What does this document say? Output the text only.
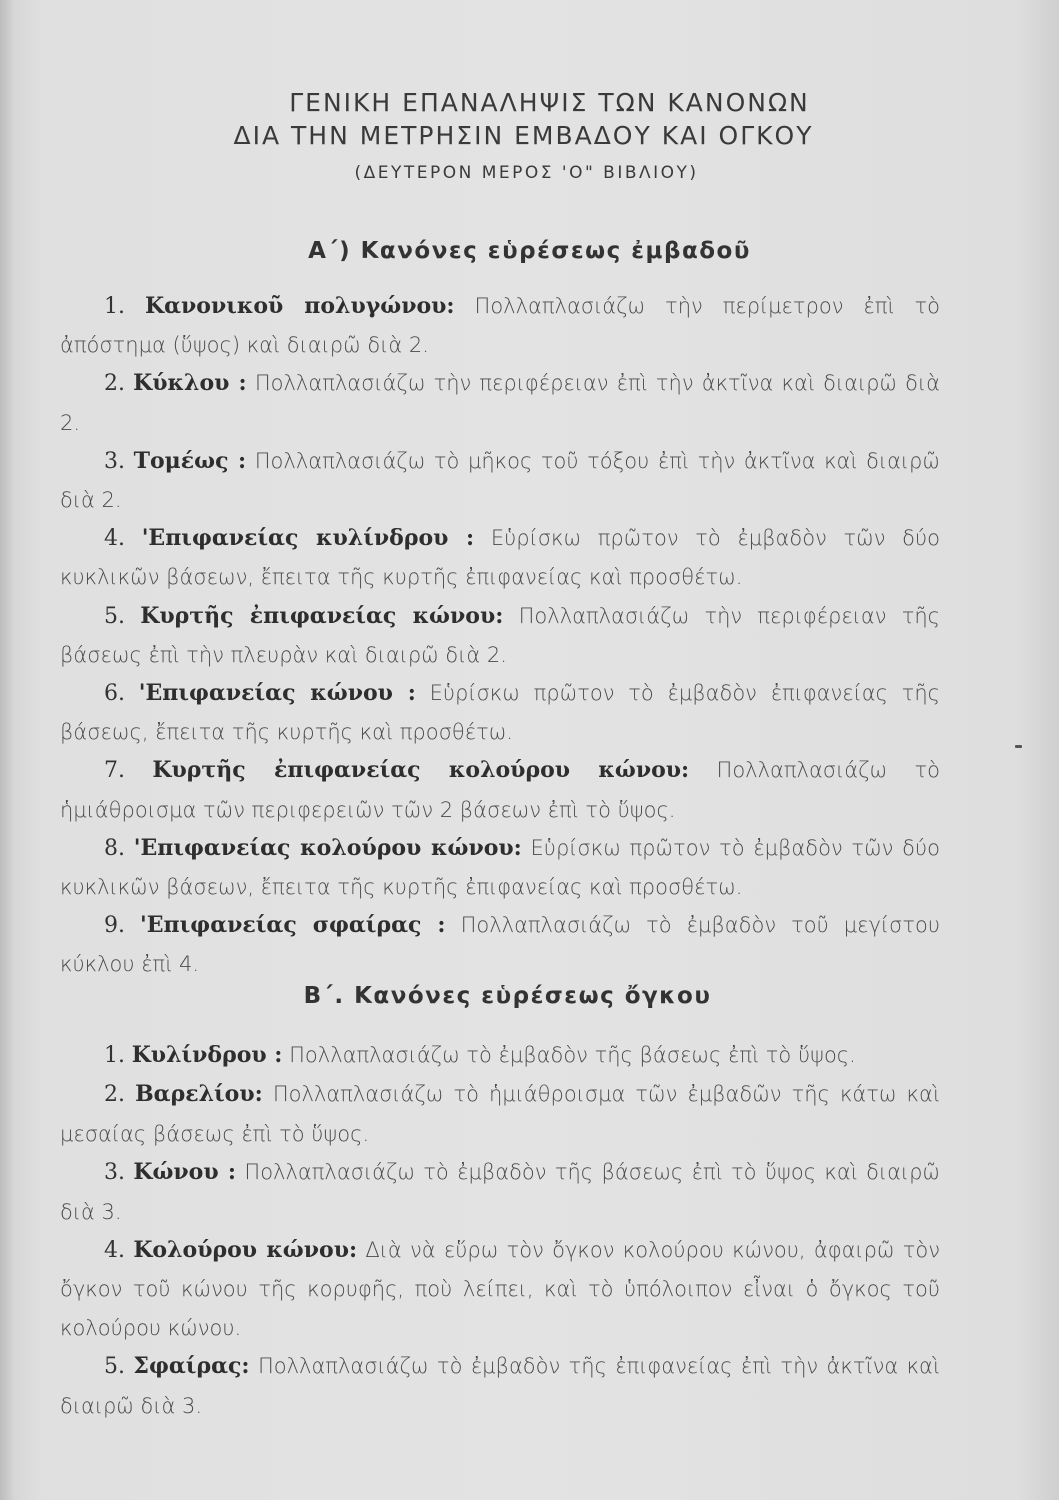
ΓΕΝΙΚΗ ΕΠΑΝΑΛΗΨΙΣ ΤΩΝ ΚΑΝΟΝΩΝ
ΔΙΑ ΤΗΝ ΜΕΤΡΗΣΙΝ ΕΜΒΑΔΟΥ ΚΑΙ ΟΓΚΟΥ
(ΔΕΥΤΕΡΟΝ ΜΕΡΟΣ 'Ο" ΒΙΒΛΙΟΥ)
Α΄) Κανόνες εὑρέσεως ἐμβαδοῦ

1. Κανονικοῦ πολυγώνου: Πολλαπλασιάζω τὴν περίμετρον ἐπὶ τὸ ἀπόστημα (ὕψος) καὶ διαιρῶ διὰ 2.

2. Κύκλου : Πολλαπλασιάζω τὴν περιφέρειαν ἐπὶ τὴν ἀκτῖνα καὶ διαιρῶ διὰ 2.

3. Τομέως : Πολλαπλασιάζω τὸ μῆκος τοῦ τόξου ἐπὶ τὴν ἀκτῖνα καὶ διαιρῶ διὰ 2.

4. 'Επιφανείας κυλίνδρου : Εὑρίσκω πρῶτον τὸ ἐμβαδὸν τῶν δύο κυκλικῶν βάσεων, ἔπειτα τῆς κυρτῆς ἐπιφανείας καὶ προσθέτω.

5. Κυρτῆς ἐπιφανείας κώνου: Πολλαπλασιάζω τὴν περιφέρειαν τῆς βάσεως ἐπὶ τὴν πλευρὰν καὶ διαιρῶ διὰ 2.

6. 'Επιφανείας κώνου : Εὑρίσκω πρῶτον τὸ ἐμβαδὸν ἐπιφανείας τῆς βάσεως, ἔπειτα τῆς κυρτῆς καὶ προσθέτω.

7. Κυρτῆς ἐπιφανείας κολούρου κώνου: Πολλαπλασιάζω τὸ ἡμιάθροισμα τῶν περιφερειῶν τῶν 2 βάσεων ἐπὶ τὸ ὕψος.

8. 'Επιφανείας κολούρου κώνου: Εὑρίσκω πρῶτον τὸ ἐμβαδὸν τῶν δύο κυκλικῶν βάσεων, ἔπειτα τῆς κυρτῆς ἐπιφανείας καὶ προσθέτω.

9. 'Επιφανείας σφαίρας : Πολλαπλασιάζω τὸ ἐμβαδὸν τοῦ μεγίστου κύκλου ἐπὶ 4.

Β΄. Κανόνες εὑρέσεως ὄγκου

1. Κυλίνδρου : Πολλαπλασιάζω τὸ ἐμβαδὸν τῆς βάσεως ἐπὶ τὸ ὕψος.

2. Βαρελίου: Πολλαπλασιάζω τὸ ἡμιάθροισμα τῶν ἐμβαδῶν τῆς κάτω καὶ μεσαίας βάσεως ἐπὶ τὸ ὕψος.

3. Κώνου : Πολλαπλασιάζω τὸ ἐμβαδὸν τῆς βάσεως ἐπὶ τὸ ὕψος καὶ διαιρῶ διὰ 3.

4. Κολούρου κώνου: Διὰ νὰ εὕρω τὸν ὄγκον κολούρου κώνου, ἀφαιρῶ τὸν ὄγκον τοῦ κώνου τῆς κορυφῆς, ποὺ λείπει, καὶ τὸ ὑπόλοιπον εἶναι ὁ ὄγκος τοῦ κολούρου κώνου.

5. Σφαίρας: Πολλαπλασιάζω τὸ ἐμβαδὸν τῆς ἐπιφανείας ἐπὶ τὴν ἀκτῖνα καὶ διαιρῶ διὰ 3.
